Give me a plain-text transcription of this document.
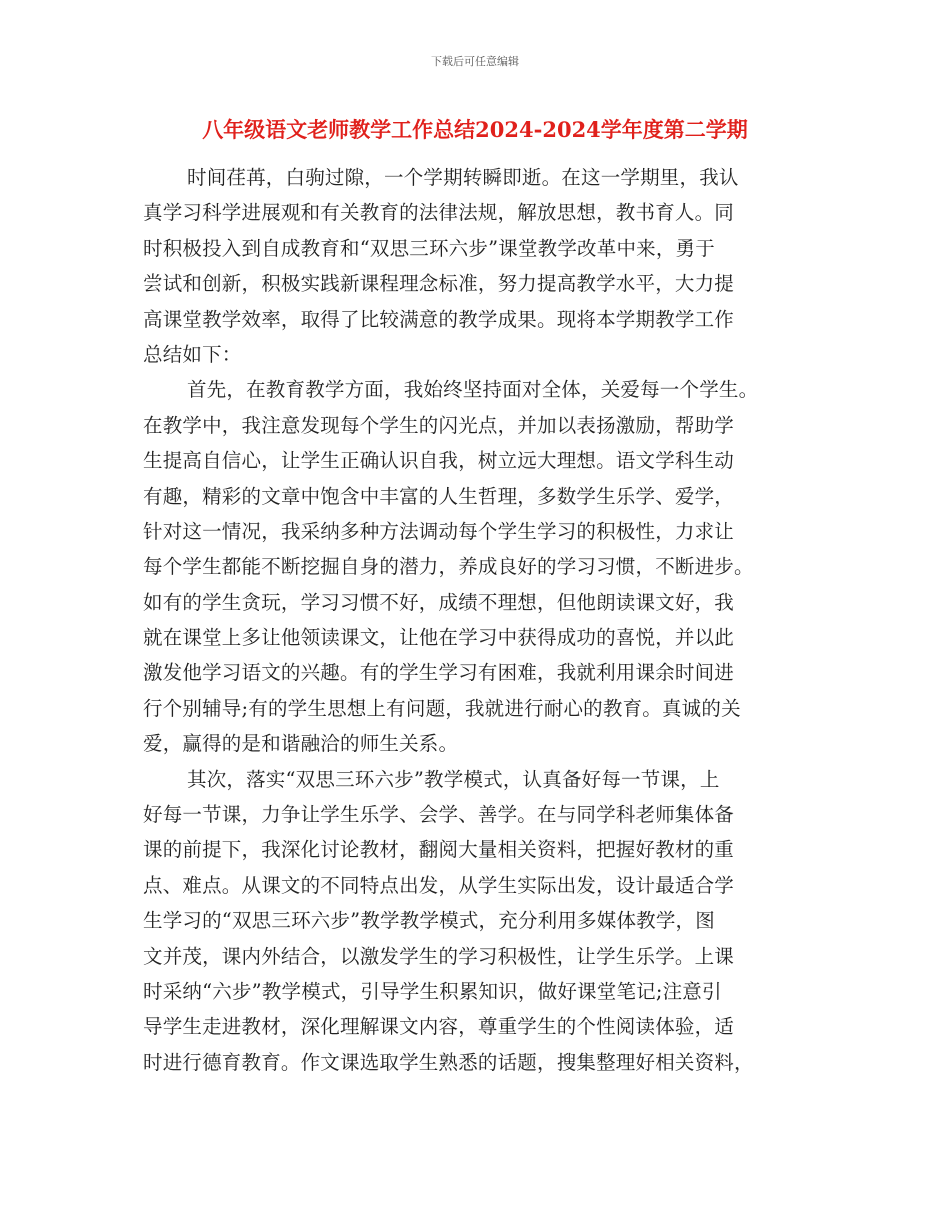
下载后可任意编辑
八年级语文老师教学工作总结2024-2024学年度第二学期
时间荏苒，白驹过隙，一个学期转瞬即逝。在这一学期里，我认
真学习科学进展观和有关教育的法律法规，解放思想，教书育人。同
时积极投入到自成教育和“双思三环六步”课堂教学改革中来，勇于
尝试和创新，积极实践新课程理念标准，努力提高教学水平，大力提
高课堂教学效率，取得了比较满意的教学成果。现将本学期教学工作
总结如下：
首先，在教育教学方面，我始终坚持面对全体，关爱每一个学生。
在教学中，我注意发现每个学生的闪光点，并加以表扬激励，帮助学
生提高自信心，让学生正确认识自我，树立远大理想。语文学科生动
有趣，精彩的文章中饱含中丰富的人生哲理，多数学生乐学、爱学，
针对这一情况，我采纳多种方法调动每个学生学习的积极性，力求让
每个学生都能不断挖掘自身的潜力，养成良好的学习习惯，不断进步。
如有的学生贪玩，学习习惯不好，成绩不理想，但他朗读课文好，我
就在课堂上多让他领读课文，让他在学习中获得成功的喜悦，并以此
激发他学习语文的兴趣。有的学生学习有困难，我就利用课余时间进
行个别辅导;有的学生思想上有问题，我就进行耐心的教育。真诚的关
爱，赢得的是和谐融洽的师生关系。
其次，落实“双思三环六步”教学模式，认真备好每一节课，上
好每一节课，力争让学生乐学、会学、善学。在与同学科老师集体备
课的前提下，我深化讨论教材，翻阅大量相关资料，把握好教材的重
点、难点。从课文的不同特点出发，从学生实际出发，设计最适合学
生学习的“双思三环六步”教学教学模式，充分利用多媒体教学，图
文并茂，课内外结合，以激发学生的学习积极性，让学生乐学。上课
时采纳“六步”教学模式，引导学生积累知识，做好课堂笔记;注意引
导学生走进教材，深化理解课文内容，尊重学生的个性阅读体验，适
时进行德育教育。作文课选取学生熟悉的话题，搜集整理好相关资料，
